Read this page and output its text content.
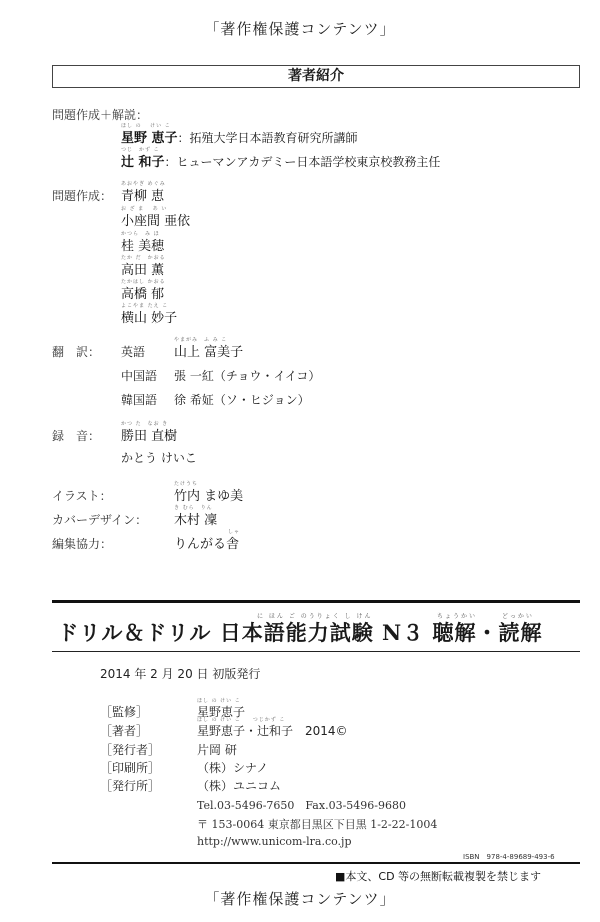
「著作権保護コンテンツ」
著者紹介
問題作成＋解説：
ほし の　 けい こ
星野 恵子：拓殖大学日本語教育研究所講師
つじ　かず こ
辻 和子：ヒューマンアカデミー日本語学校東京校教務主任
問題作成：
あおやぎ めぐみ
青柳 恵
お ざ ま　 あ い
小座間 亜依
かつら　み ほ
桂 美穂
たか だ　かおる
高田 薫
たかはし かおる
高橋 郁
よこやま たえ こ
横山 妙子
翻　訳： 英語
やまがみ　ふ み こ
山上 富美子
中国語 張 一紅（チョウ・イイコ）
韓国語 徐 希姃（ソ・ヒジョン）
録　音：
かつ た　なお き
勝田 直樹
かとう けいこ
イラスト：
たけうち
竹内 まゆ美
カバーデザイン：
き むら　りん
木村 凜
編集協力：
しゃ
りんがる舎
に ほん ご のうりょく し けん	ちょうかい	どっかい
ドリル＆ドリル 日本語能力試験 N３ 聴解・読解
2014 年 2 月 20 日 初版発行
［監修］
ほし の けい こ
星野恵子
［著者］
ほし の けい こ　　つじかず こ
星野恵子・辻和子　2014©
［発行者］	片岡 研
［印刷所］	（株）シナノ
［発行所］	（株）ユニコム
Tel.03-5496-7650　Fax.03-5496-9680
〒 153-0064 東京都目黒区下目黒 1-2-22-1004
http://www.unicom-lra.co.jp
ISBN　978-4-89689-493-6
■本文、CD 等の無断転載複製を禁じます
「著作権保護コンテンツ」
